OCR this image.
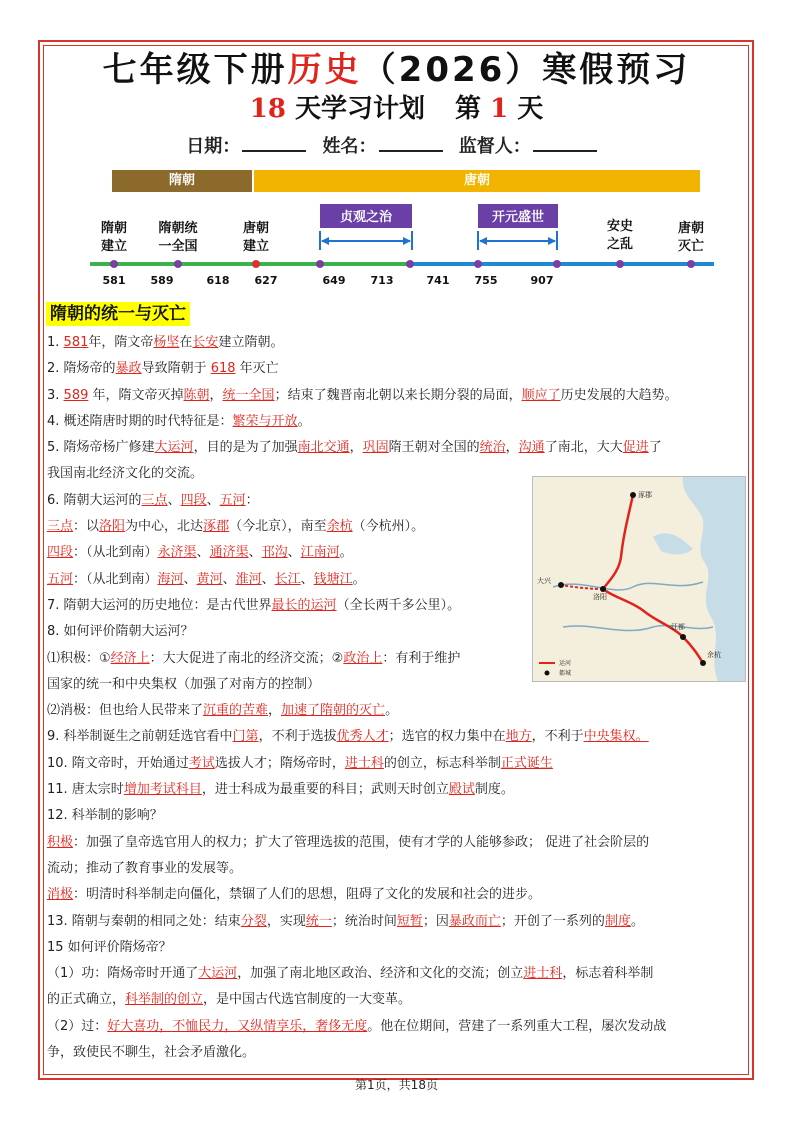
七年级下册历史（2026）寒假预习
18 天学习计划 第 1 天
日期：	姓名：	监督人：
隋朝	唐朝
隋朝
建立
隋朝统
一全国
唐朝
建立
安史
之乱
唐朝
灭亡
贞观之治	开元盛世
581 589	618 627	649 713	741 755	907
隋朝的统一与灭亡
1. 581年，隋文帝杨坚在长安建立隋朝。
2. 隋炀帝的暴政导致隋朝于 618 年灭亡
3. 589 年，隋文帝灭掉陈朝，统一全国；结束了魏晋南北朝以来长期分裂的局面，顺应了历史发展的大趋势。
4. 概述隋唐时期的时代特征是：繁荣与开放。
5. 隋炀帝杨广修建大运河，目的是为了加强南北交通，巩固隋王朝对全国的统治，沟通了南北，大大促进了
我国南北经济文化的交流。
6. 隋朝大运河的三点、四段、五河：
三点：以洛阳为中心，北达涿郡（今北京），南至余杭（今杭州）。
四段：（从北到南）永济渠、通济渠、邗沟、江南河。
五河：（从北到南）海河、黄河、淮河、长江、钱塘江。
7. 隋朝大运河的历史地位：是古代世界最长的运河（全长两千多公里）。
8. 如何评价隋朝大运河？
⑴积极：①经济上：大大促进了南北的经济交流；②政治上：有利于维护
国家的统一和中央集权（加强了对南方的控制）
⑵消极：但也给人民带来了沉重的苦难，加速了隋朝的灭亡。
9. 科举制诞生之前朝廷选官看中门第，不利于选拔优秀人才；选官的权力集中在地方，不利于中央集权。
10. 隋文帝时，开始通过考试选拔人才；隋炀帝时，进士科的创立，标志科举制正式诞生
11. 唐太宗时增加考试科目，进士科成为最重要的科目；武则天时创立殿试制度。
12. 科举制的影响？
积极：加强了皇帝选官用人的权力；扩大了管理选拔的范围，使有才学的人能够参政； 促进了社会阶层的
流动；推动了教育事业的发展等。
消极：明清时科举制走向僵化，禁锢了人们的思想，阻碍了文化的发展和社会的进步。
13. 隋朝与秦朝的相同之处：结束分裂，实现统一；统治时间短暂；因暴政而亡；开创了一系列的制度。
15 如何评价隋炀帝？
（1）功：隋炀帝时开通了大运河，加强了南北地区政治、经济和文化的交流；创立进士科，标志着科举制
的正式确立，科举制的创立，是中国古代选官制度的一大变革。
（2）过：好大喜功，不恤民力，又纵情享乐，奢侈无度。他在位期间，营建了一系列重大工程，屡次发动战
争，致使民不聊生，社会矛盾激化。
涿郡
大兴
洛阳
江都
余杭
运河
都城
第1页，共18页
